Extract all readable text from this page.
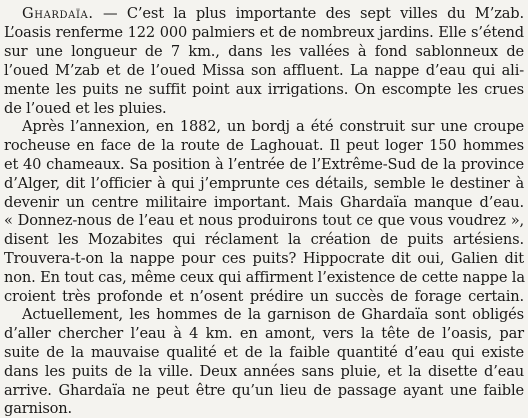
Ghardaïa. — C’est la plus importante des sept villes du M’zab.
L’oasis renferme 122 000 palmiers et de nombreux jardins. Elle s’étend
sur une longueur de 7 km., dans les vallées à fond sablonneux de
l’oued M’zab et de l’oued Missa son affluent. La nappe d’eau qui ali-
mente les puits ne suffit point aux irrigations. On escompte les crues
de l’oued et les pluies.
Après l’annexion, en 1882, un bordj a été construit sur une croupe
rocheuse en face de la route de Laghouat. Il peut loger 150 hommes
et 40 chameaux. Sa position à l’entrée de l’Extrême-Sud de la province
d’Alger, dit l’officier à qui j’emprunte ces détails, semble le destiner à
devenir un centre militaire important. Mais Ghardaïa manque d’eau.
« Donnez-nous de l’eau et nous produirons tout ce que vous voudrez »,
disent les Mozabites qui réclament la création de puits artésiens.
Trouvera-t-on la nappe pour ces puits? Hippocrate dit oui, Galien dit
non. En tout cas, même ceux qui affirment l’existence de cette nappe la
croient très profonde et n’osent prédire un succès de forage certain.
Actuellement, les hommes de la garnison de Ghardaïa sont obligés
d’aller chercher l’eau à 4 km. en amont, vers la tête de l’oasis, par
suite de la mauvaise qualité et de la faible quantité d’eau qui existe
dans les puits de la ville. Deux années sans pluie, et la disette d’eau
arrive. Ghardaïa ne peut être qu’un lieu de passage ayant une faible
garnison.
